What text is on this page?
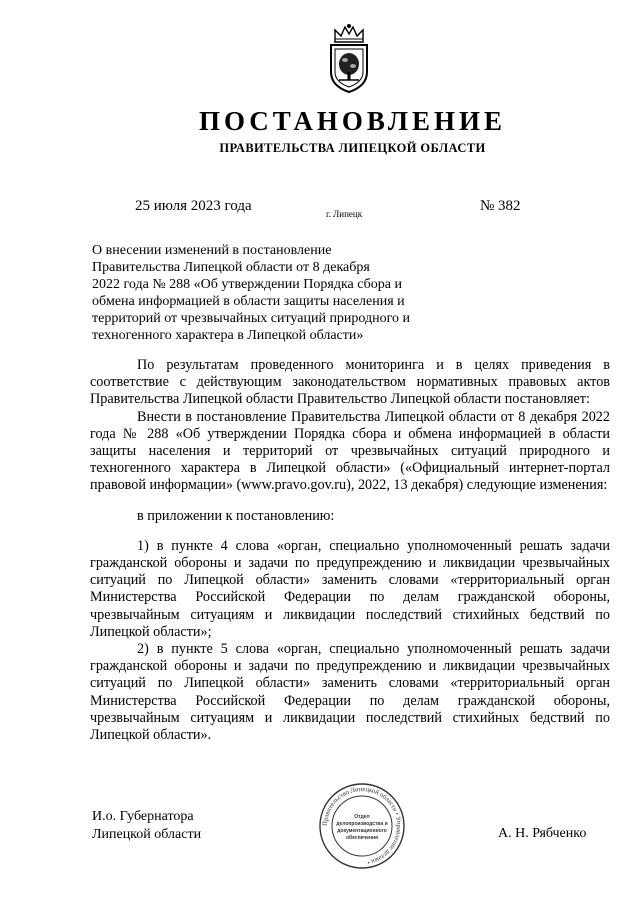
ПОСТАНОВЛЕНИЕ
ПРАВИТЕЛЬСТВА ЛИПЕЦКОЙ ОБЛАСТИ
25 июля 2023 года	г. Липецк	№ 382
О внесении изменений в постановление
Правительства Липецкой области от 8 декабря
2022 года № 288 «Об утверждении Порядка сбора и
обмена информацией в области защиты населения и
территорий от чрезвычайных ситуаций природного и
техногенного характера в Липецкой области»

По результатам проведенного мониторинга и в целях приведения в соответствие с действующим законодательством нормативных правовых актов Правительства Липецкой области Правительство Липецкой области постановляет:

Внести в постановление Правительства Липецкой области от 8 декабря 2022 года № 288 «Об утверждении Порядка сбора и обмена информацией в области защиты населения и территорий от чрезвычайных ситуаций природного и техногенного характера в Липецкой области» («Официальный интернет-портал правовой информации» (www.pravo.gov.ru), 2022, 13 декабря) следующие изменения:

в приложении к постановлению:

1) в пункте 4 слова «орган, специально уполномоченный решать задачи гражданской обороны и задачи по предупреждению и ликвидации чрезвычайных ситуаций по Липецкой области» заменить словами «территориальный орган Министерства Российской Федерации по делам гражданской обороны, чрезвычайным ситуациям и ликвидации последствий стихийных бедствий по Липецкой области»;

2) в пункте 5 слова «орган, специально уполномоченный решать задачи гражданской обороны и задачи по предупреждению и ликвидации чрезвычайных ситуаций по Липецкой области» заменить словами «территориальный орган Министерства Российской Федерации по делам гражданской обороны, чрезвычайным ситуациям и ликвидации последствий стихийных бедствий по Липецкой области».

И.о. Губернатора
Липецкой области	А. Н. Рябченко
Правительство Липецкой области • Управление делами •
Отдел
делопроизводства и
документационного
обеспечения
